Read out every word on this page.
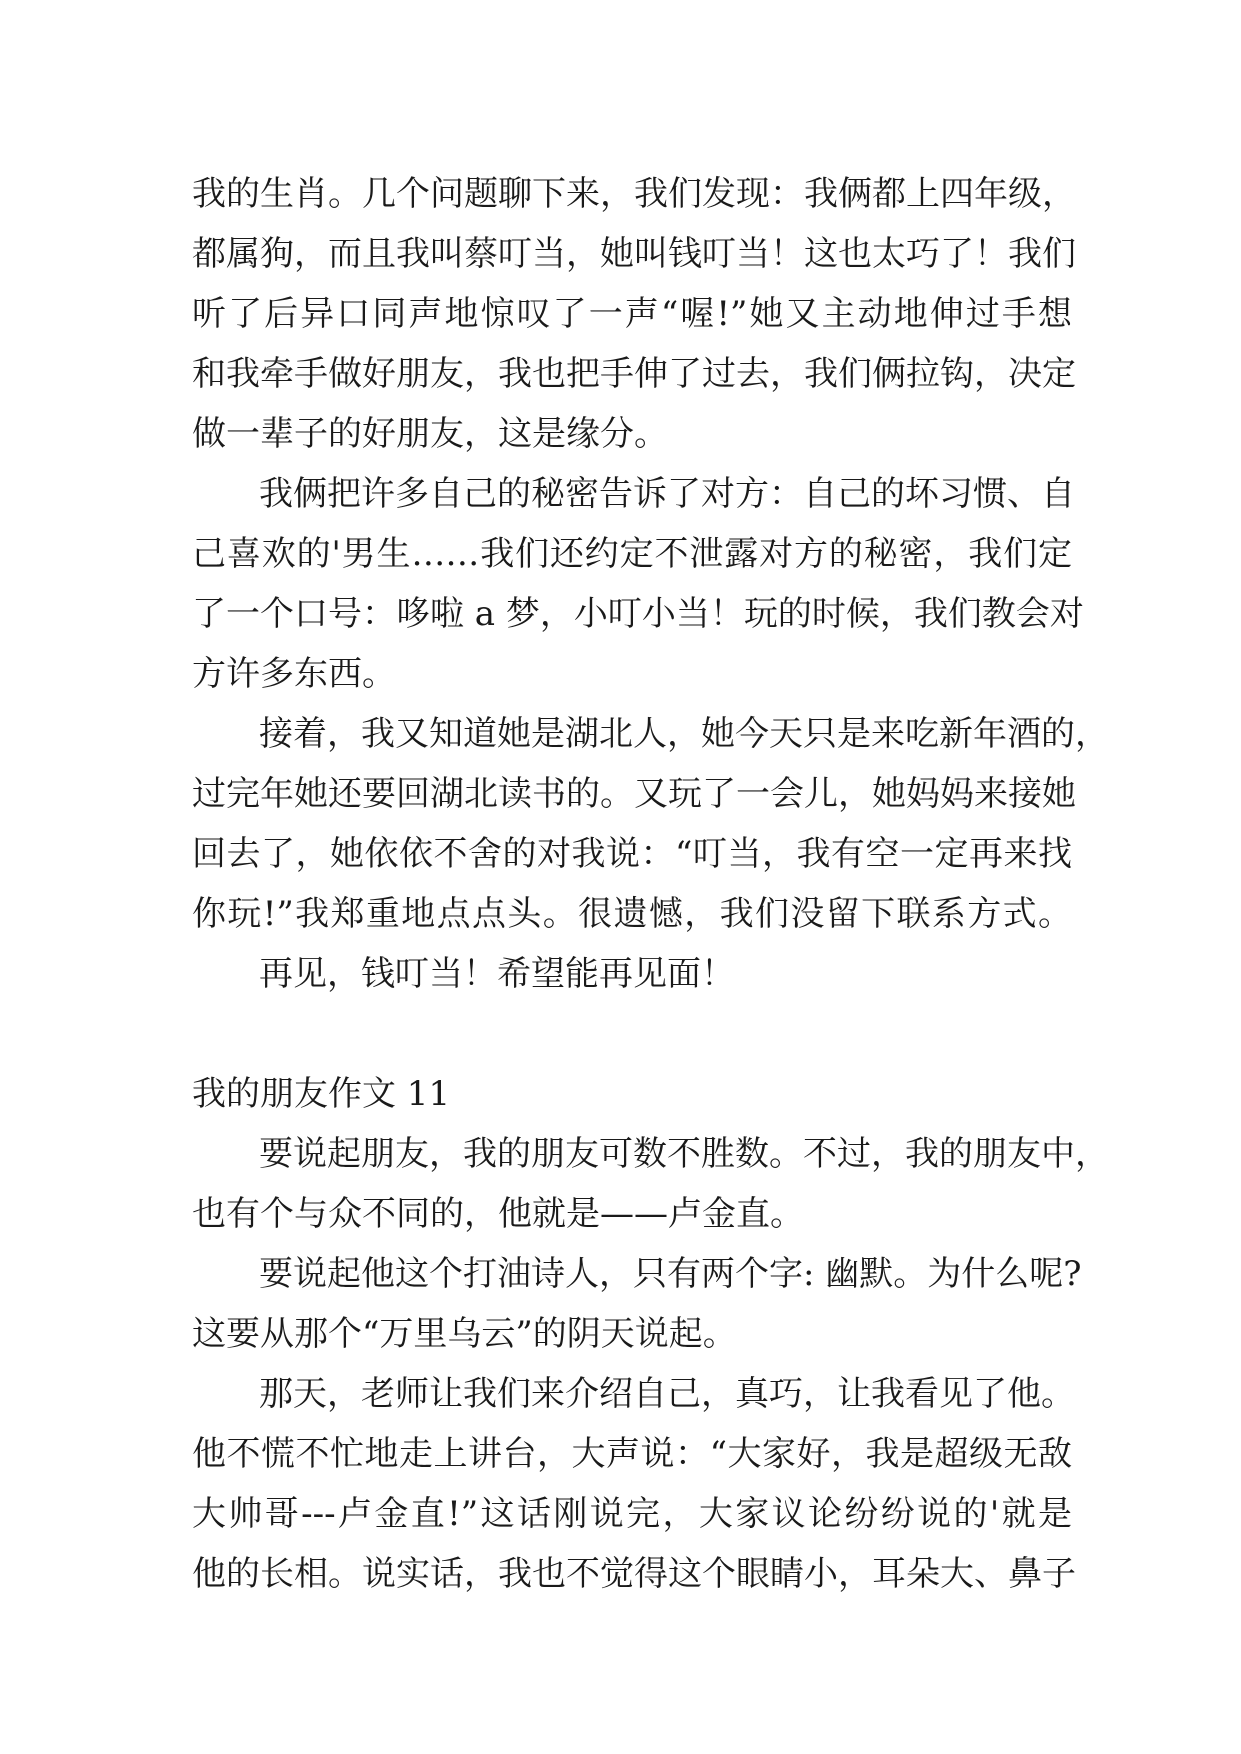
我的生肖。几个问题聊下来，我们发现：我俩都上四年级，
都属狗，而且我叫蔡叮当，她叫钱叮当！这也太巧了！我们
听了后异口同声地惊叹了一声“喔!”她又主动地伸过手想
和我牵手做好朋友，我也把手伸了过去，我们俩拉钩，决定
做一辈子的好朋友，这是缘分。
我俩把许多自己的秘密告诉了对方：自己的坏习惯、自
己喜欢的'男生……我们还约定不泄露对方的秘密，我们定
了一个口号：哆啦 a 梦，小叮小当！玩的时候，我们教会对
方许多东西。
接着，我又知道她是湖北人，她今天只是来吃新年酒的，
过完年她还要回湖北读书的。又玩了一会儿，她妈妈来接她
回去了，她依依不舍的对我说：“叮当，我有空一定再来找
你玩!”我郑重地点点头。很遗憾，我们没留下联系方式。
再见，钱叮当！希望能再见面！
我的朋友作文 11
要说起朋友，我的朋友可数不胜数。不过，我的朋友中，
也有个与众不同的，他就是——卢金直。
要说起他这个打油诗人，只有两个字: 幽默。为什么呢?
这要从那个“万里乌云”的阴天说起。
那天，老师让我们来介绍自己，真巧，让我看见了他。
他不慌不忙地走上讲台，大声说：“大家好，我是超级无敌
大帅哥---卢金直!”这话刚说完，大家议论纷纷说的'就是
他的长相。说实话，我也不觉得这个眼睛小，耳朵大、鼻子
